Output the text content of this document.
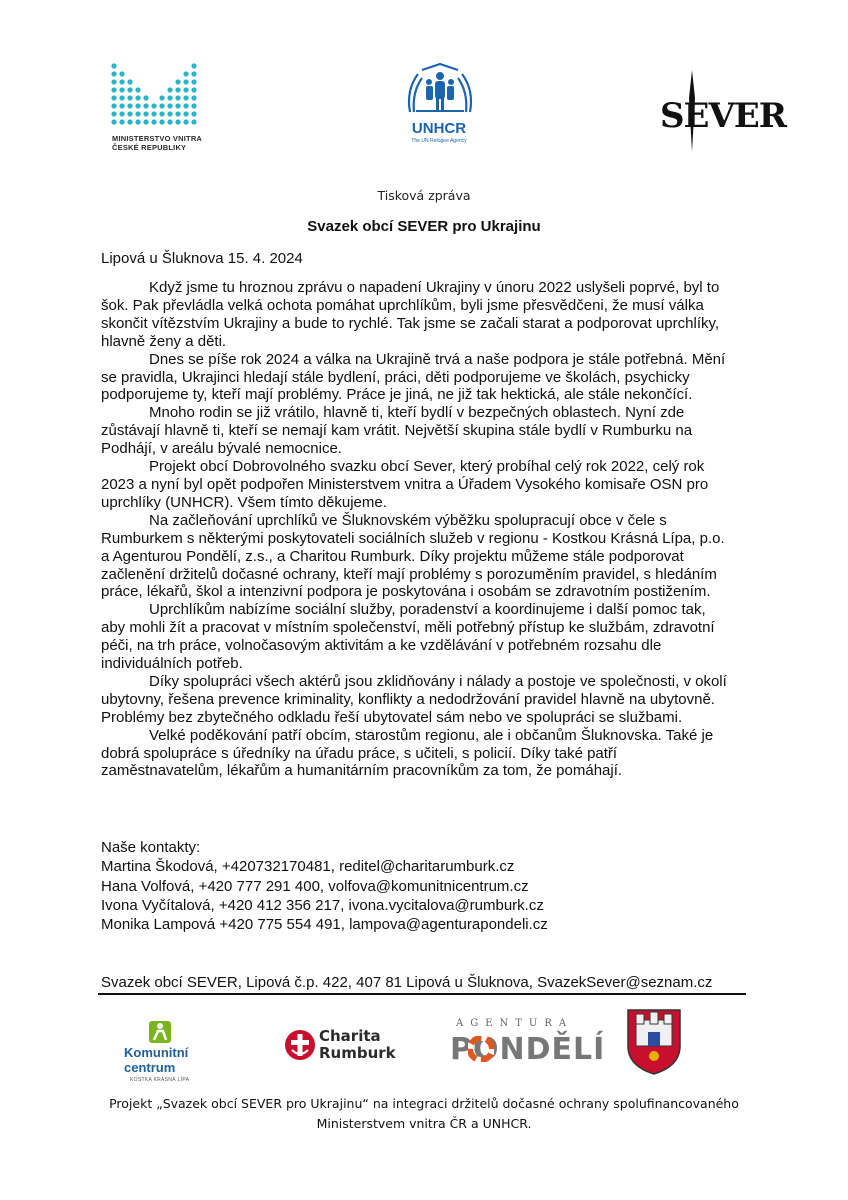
MINISTERSTVO VNITRA
ČESKÉ REPUBLIKY
UNHCR
The UN Refugee Agency
SEVER
Tisková zpráva
Svazek obcí SEVER pro Ukrajinu
Lipová u Šluknova 15. 4. 2024

Když jsme tu hroznou zprávu o napadení Ukrajiny v únoru 2022 uslyšeli poprvé, byl to šok. Pak převládla velká ochota pomáhat uprchlíkům, byli jsme přesvědčeni, že musí válka skončit vítězstvím Ukrajiny a bude to rychlé. Tak jsme se začali starat a podporovat uprchlíky, hlavně ženy a děti.

Dnes se píše rok 2024 a válka na Ukrajině trvá a naše podpora je stále potřebná. Mění se pravidla, Ukrajinci hledají stále bydlení, práci, děti podporujeme ve školách, psychicky podporujeme ty, kteří mají problémy. Práce je jiná, ne již tak hektická, ale stále nekončící.

Mnoho rodin se již vrátilo, hlavně ti, kteří bydlí v bezpečných oblastech. Nyní zde zůstávají hlavně ti, kteří se nemají kam vrátit. Největší skupina stále bydlí v Rumburku na Podhájí, v areálu bývalé nemocnice.

Projekt obcí Dobrovolného svazku obcí Sever, který probíhal celý rok 2022, celý rok 2023 a nyní byl opět podpořen Ministerstvem vnitra a Úřadem Vysokého komisaře OSN pro uprchlíky (UNHCR). Všem tímto děkujeme.

Na začleňování uprchlíků ve Šluknovském výběžku spolupracují obce v čele s Rumburkem s některými poskytovateli sociálních služeb v regionu - Kostkou Krásná Lípa, p.o. a Agenturou Pondělí, z.s., a Charitou Rumburk. Díky projektu můžeme stále podporovat začlenění držitelů dočasné ochrany, kteří mají problémy s porozuměním pravidel, s hledáním práce, lékařů, škol a intenzivní podpora je poskytována i osobám se zdravotním postižením.

Uprchlíkům nabízíme sociální služby, poradenství a koordinujeme i další pomoc tak, aby mohli žít a pracovat v místním společenství, měli potřebný přístup ke službám, zdravotní péči, na trh práce, volnočasovým aktivitám a ke vzdělávání v potřebném rozsahu dle individuálních potřeb.

Díky spolupráci všech aktérů jsou zklidňovány i nálady a postoje ve společnosti, v okolí ubytovny, řešena prevence kriminality, konflikty a nedodržování pravidel hlavně na ubytovně. Problémy bez zbytečného odkladu řeší ubytovatel sám nebo ve spolupráci se službami.

Velké poděkování patří obcím, starostům regionu, ale i občanům Šluknovska. Také je dobrá spolupráce s úředníky na úřadu práce, s učiteli, s policií. Díky také patří zaměstnavatelům, lékařům a humanitárním pracovníkům za tom, že pomáhají.

Naše kontakty:
Martina Škodová, +420732170481, reditel@charitarumburk.cz
Hana Volfová, +420 777 291 400, volfova@komunitnicentrum.cz
Ivona Vyčítalová, +420 412 356 217, ivona.vycitalova@rumburk.cz
Monika Lampová +420 775 554 491, lampova@agenturapondeli.cz
Svazek obcí SEVER, Lipová č.p. 422, 407 81 Lipová u Šluknova, SvazekSever@seznam.cz
Komunitní
centrum
KOSTKA KRÁSNÁ LÍPA
Charita
Rumburk
AGENTURA
PONDĚLÍ
Projekt „Svazek obcí SEVER pro Ukrajinu“ na integraci držitelů dočasné ochrany spolufinancovaného
Ministerstvem vnitra ČR a UNHCR.
